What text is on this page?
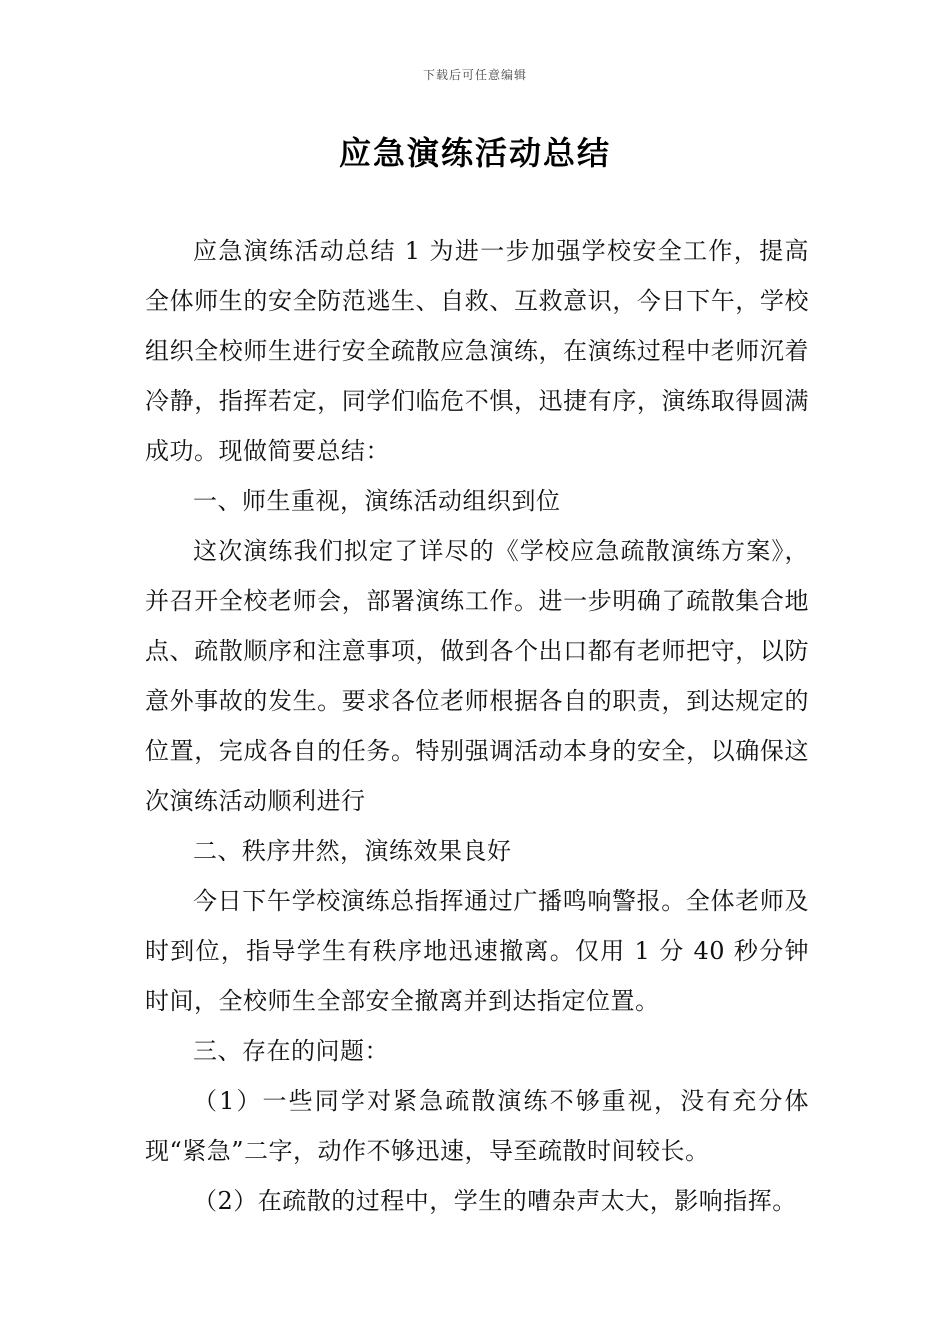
下载后可任意编辑
应急演练活动总结

应急演练活动总结 1 为进一步加强学校安全工作，提高全体师生的安全防范逃生、自救、互救意识，今日下午，学校组织全校师生进行安全疏散应急演练，在演练过程中老师沉着冷静，指挥若定，同学们临危不惧，迅捷有序，演练取得圆满成功。现做简要总结：

一、师生重视，演练活动组织到位

这次演练我们拟定了详尽的《学校应急疏散演练方案》，并召开全校老师会，部署演练工作。进一步明确了疏散集合地点、疏散顺序和注意事项，做到各个出口都有老师把守，以防意外事故的发生。要求各位老师根据各自的职责，到达规定的位置，完成各自的任务。特别强调活动本身的安全，以确保这次演练活动顺利进行

二、秩序井然，演练效果良好

今日下午学校演练总指挥通过广播鸣响警报。全体老师及时到位，指导学生有秩序地迅速撤离。仅用 1 分 40 秒分钟时间，全校师生全部安全撤离并到达指定位置。

三、存在的问题：

（1）一些同学对紧急疏散演练不够重视，没有充分体现“紧急”二字，动作不够迅速，导至疏散时间较长。

（2）在疏散的过程中，学生的嘈杂声太大，影响指挥。
